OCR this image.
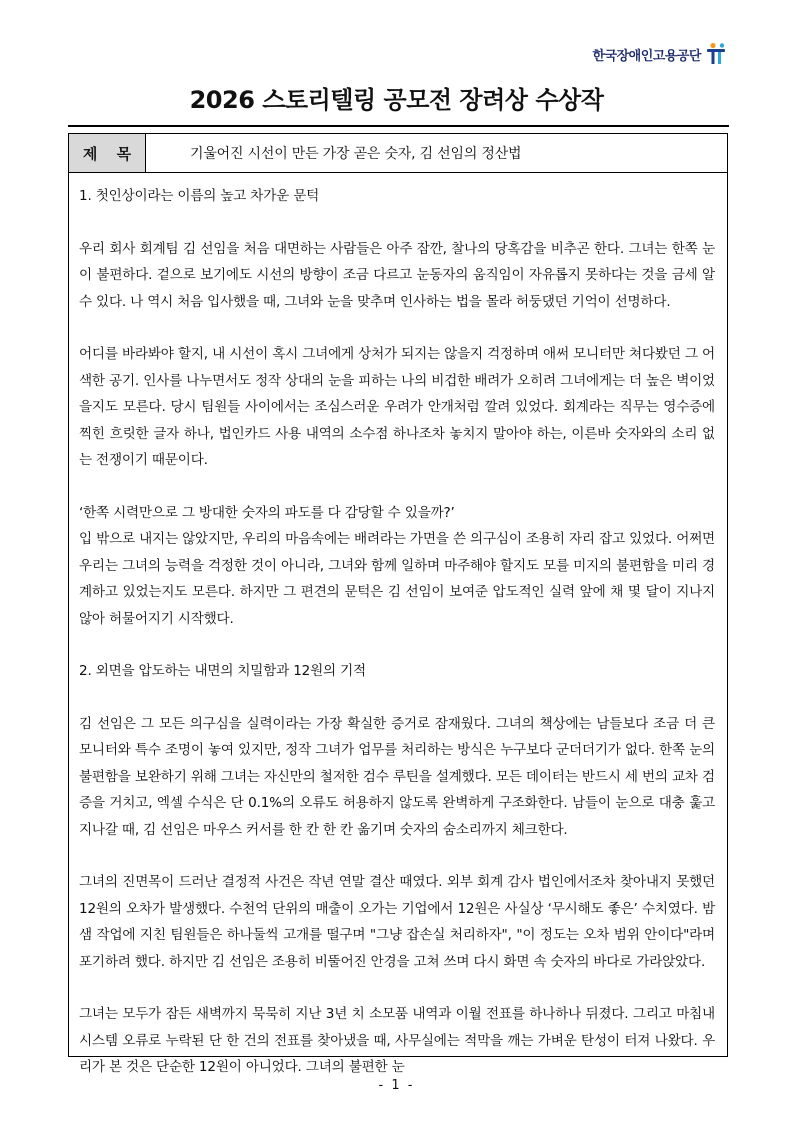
한국장애인고용공단
2026 스토리텔링 공모전 장려상 수상작
제 목	기울어진 시선이 만든 가장 곧은 숫자, 김 선임의 정산법

1. 첫인상이라는 이름의 높고 차가운 문턱

우리 회사 회계팀 김 선임을 처음 대면하는 사람들은 아주 잠깐, 찰나의 당혹감을 비추곤 한다. 그녀는 한쪽 눈이 불편하다. 겉으로 보기에도 시선의 방향이 조금 다르고 눈동자의 움직임이 자유롭지 못하다는 것을 금세 알 수 있다. 나 역시 처음 입사했을 때, 그녀와 눈을 맞추며 인사하는 법을 몰라 허둥댔던 기억이 선명하다.

어디를 바라봐야 할지, 내 시선이 혹시 그녀에게 상처가 되지는 않을지 걱정하며 애써 모니터만 쳐다봤던 그 어색한 공기. 인사를 나누면서도 정작 상대의 눈을 피하는 나의 비겁한 배려가 오히려 그녀에게는 더 높은 벽이었을지도 모른다. 당시 팀원들 사이에서는 조심스러운 우려가 안개처럼 깔려 있었다. 회계라는 직무는 영수증에 찍힌 흐릿한 글자 하나, 법인카드 사용 내역의 소수점 하나조차 놓치지 말아야 하는, 이른바 숫자와의 소리 없는 전쟁이기 때문이다.

‘한쪽 시력만으로 그 방대한 숫자의 파도를 다 감당할 수 있을까?’

입 밖으로 내지는 않았지만, 우리의 마음속에는 배려라는 가면을 쓴 의구심이 조용히 자리 잡고 있었다. 어쩌면 우리는 그녀의 능력을 걱정한 것이 아니라, 그녀와 함께 일하며 마주해야 할지도 모를 미지의 불편함을 미리 경계하고 있었는지도 모른다. 하지만 그 편견의 문턱은 김 선임이 보여준 압도적인 실력 앞에 채 몇 달이 지나지 않아 허물어지기 시작했다.

2. 외면을 압도하는 내면의 치밀함과 12원의 기적

김 선임은 그 모든 의구심을 실력이라는 가장 확실한 증거로 잠재웠다. 그녀의 책상에는 남들보다 조금 더 큰 모니터와 특수 조명이 놓여 있지만, 정작 그녀가 업무를 처리하는 방식은 누구보다 군더더기가 없다. 한쪽 눈의 불편함을 보완하기 위해 그녀는 자신만의 철저한 검수 루틴을 설계했다. 모든 데이터는 반드시 세 번의 교차 검증을 거치고, 엑셀 수식은 단 0.1%의 오류도 허용하지 않도록 완벽하게 구조화한다. 남들이 눈으로 대충 훑고 지나갈 때, 김 선임은 마우스 커서를 한 칸 한 칸 옮기며 숫자의 숨소리까지 체크한다.

그녀의 진면목이 드러난 결정적 사건은 작년 연말 결산 때였다. 외부 회계 감사 법인에서조차 찾아내지 못했던 12원의 오차가 발생했다. 수천억 단위의 매출이 오가는 기업에서 12원은 사실상 ‘무시해도 좋은’ 수치였다. 밤샘 작업에 지친 팀원들은 하나둘씩 고개를 떨구며 "그냥 잡손실 처리하자", "이 정도는 오차 범위 안이다"라며 포기하려 했다. 하지만 김 선임은 조용히 비뚤어진 안경을 고쳐 쓰며 다시 화면 속 숫자의 바다로 가라앉았다.

그녀는 모두가 잠든 새벽까지 묵묵히 지난 3년 치 소모품 내역과 이월 전표를 하나하나 뒤졌다. 그리고 마침내 시스템 오류로 누락된 단 한 건의 전표를 찾아냈을 때, 사무실에는 적막을 깨는 가벼운 탄성이 터져 나왔다. 우리가 본 것은 단순한 12원이 아니었다. 그녀의 불편한 눈

- 1 -
